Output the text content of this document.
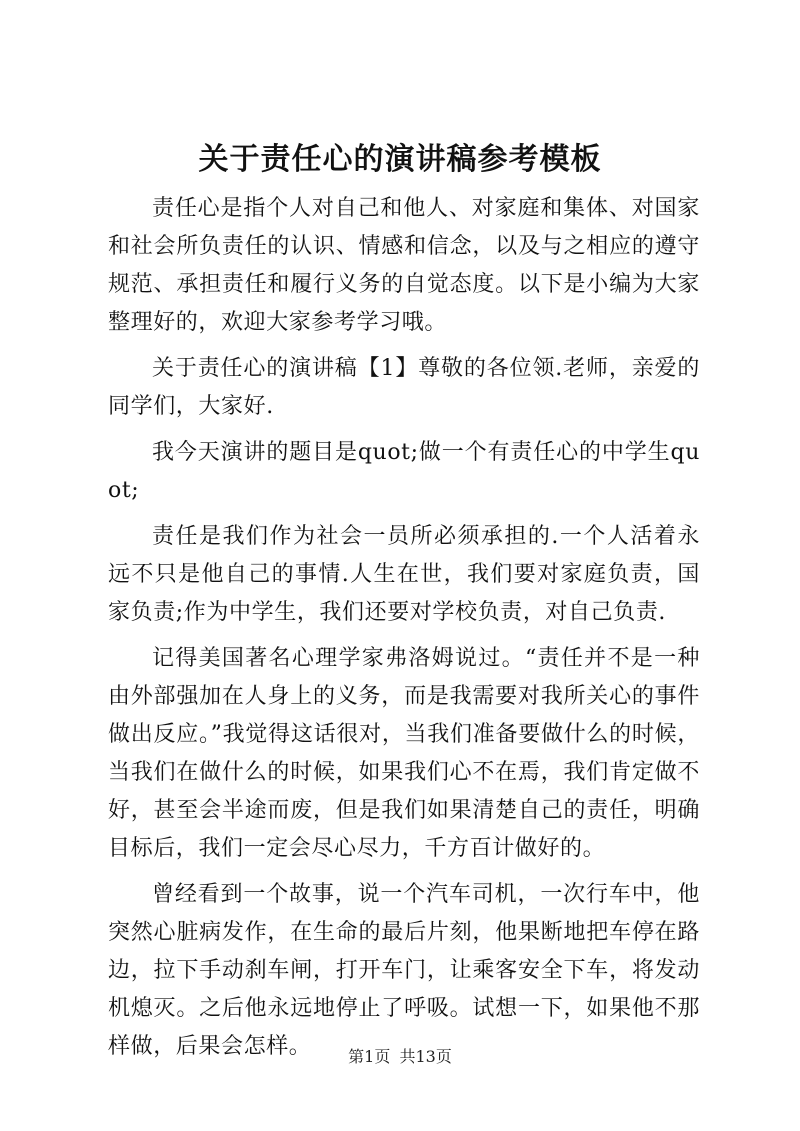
关于责任心的演讲稿参考模板

责任心是指个人对自己和他人、对家庭和集体、对国家和社会所负责任的认识、情感和信念，以及与之相应的遵守规范、承担责任和履行义务的自觉态度。以下是小编为大家整理好的，欢迎大家参考学习哦。

关于责任心的演讲稿【1】尊敬的各位领.老师，亲爱的同学们，大家好.

我今天演讲的题目是quot;做一个有责任心的中学生quot;

责任是我们作为社会一员所必须承担的.一个人活着永远不只是他自己的事情.人生在世，我们要对家庭负责，国家负责;作为中学生，我们还要对学校负责，对自己负责.

记得美国著名心理学家弗洛姆说过。“责任并不是一种由外部强加在人身上的义务，而是我需要对我所关心的事件做出反应。”我觉得这话很对，当我们准备要做什么的时候，当我们在做什么的时候，如果我们心不在焉，我们肯定做不好，甚至会半途而废，但是我们如果清楚自己的责任，明确目标后，我们一定会尽心尽力，千方百计做好的。

曾经看到一个故事，说一个汽车司机，一次行车中，他突然心脏病发作，在生命的最后片刻，他果断地把车停在路边，拉下手动刹车闸，打开车门，让乘客安全下车，将发动机熄灭。之后他永远地停止了呼吸。试想一下，如果他不那样做，后果会怎样。	第1页 共13页
